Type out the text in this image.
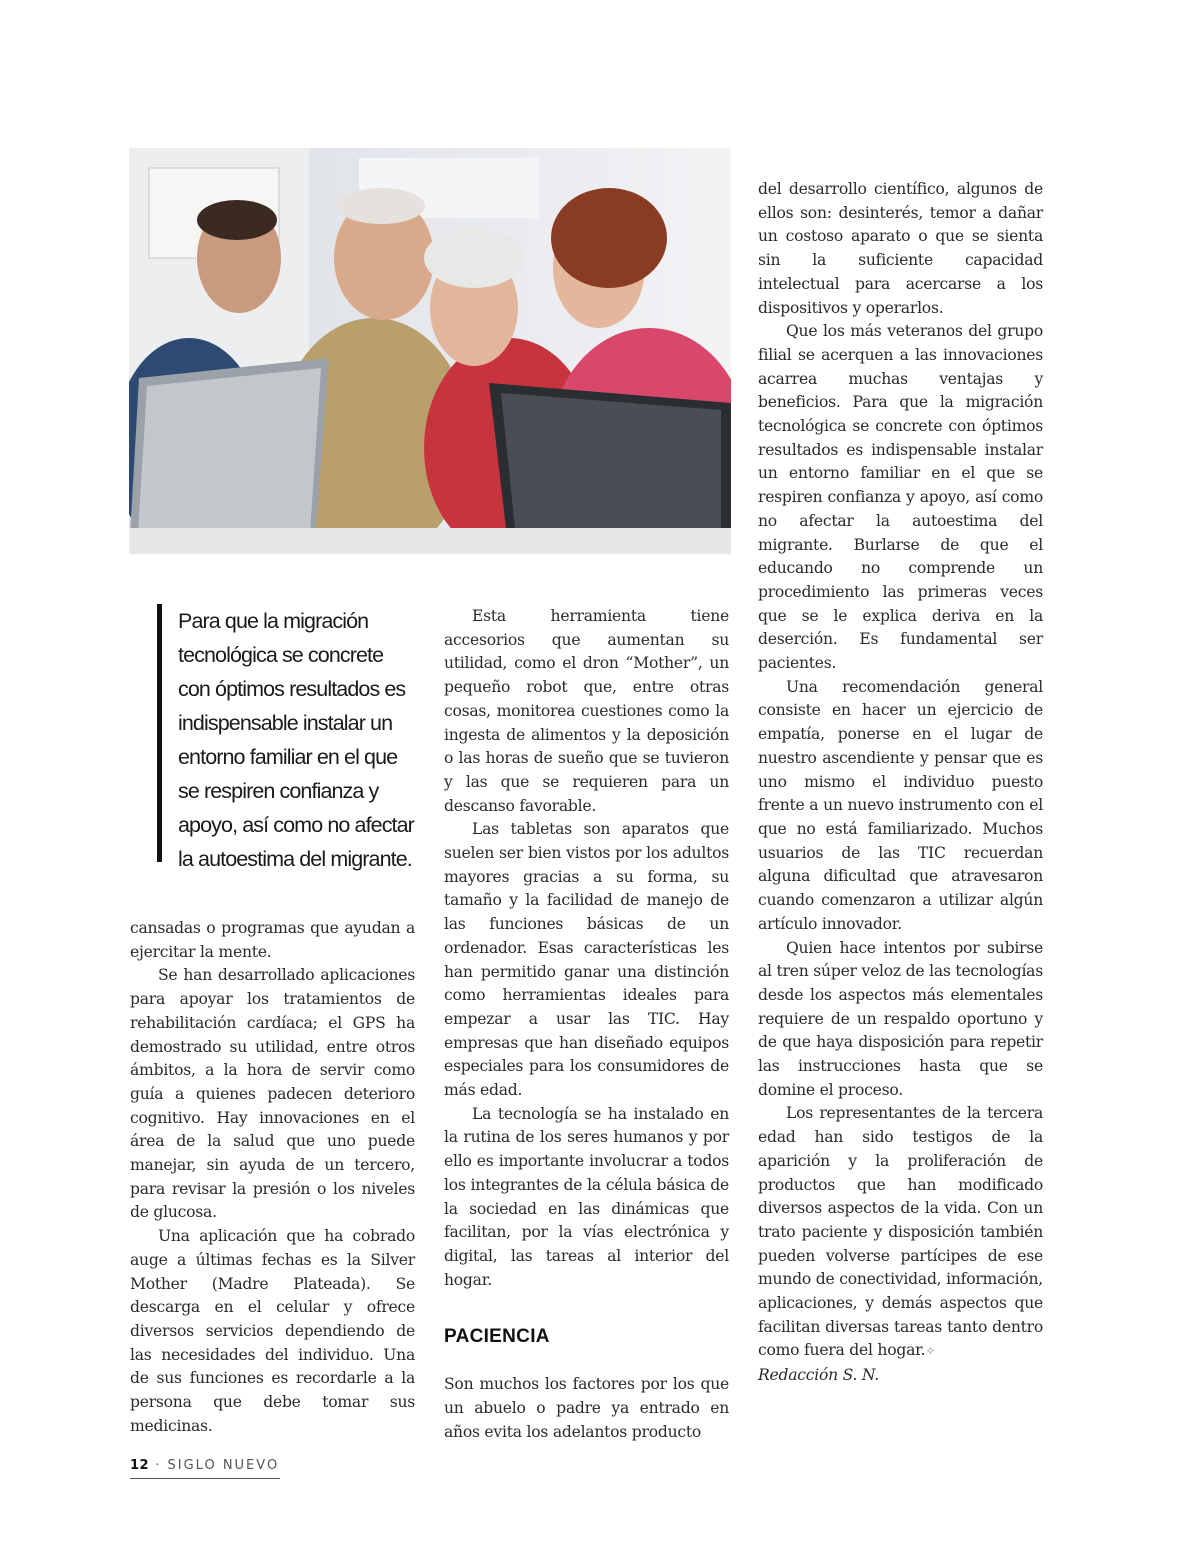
Para que la migración tecnológica se concrete con óptimos resultados es indispensable instalar un entorno familiar en el que se respiren confianza y apoyo, así como no afectar la autoestima del migrante.

cansadas o programas que ayudan a ejercitar la mente.

Se han desarrollado aplicaciones para apoyar los tratamientos de rehabilitación cardíaca; el GPS ha demostrado su utilidad, entre otros ámbitos, a la hora de servir como guía a quienes padecen deterioro cognitivo. Hay innovaciones en el área de la salud que uno puede manejar, sin ayuda de un tercero, para revisar la presión o los niveles de glucosa.

Una aplicación que ha cobrado auge a últimas fechas es la Silver Mother (Madre Plateada). Se descarga en el celular y ofrece diversos servicios dependiendo de las necesidades del individuo. Una de sus funciones es recordarle a la persona que debe tomar sus medicinas.

Esta herramienta tiene accesorios que aumentan su utilidad, como el dron “Mother”, un pequeño robot que, entre otras cosas, monitorea cuestiones como la ingesta de alimentos y la deposición o las horas de sueño que se tuvieron y las que se requieren para un descanso favorable.

Las tabletas son aparatos que suelen ser bien vistos por los adultos mayores gracias a su forma, su tamaño y la facilidad de manejo de las funciones básicas de un ordenador. Esas características les han permitido ganar una distinción como herramientas ideales para empezar a usar las TIC. Hay empresas que han diseñado equipos especiales para los consumidores de más edad.

La tecnología se ha instalado en la rutina de los seres humanos y por ello es importante involucrar a todos los integrantes de la célula básica de la sociedad en las dinámicas que facilitan, por la vías electrónica y digital, las tareas al interior del hogar.

PACIENCIA

Son muchos los factores por los que un abuelo o padre ya entrado en años evita los adelantos producto

del desarrollo científico, algunos de ellos son: desinterés, temor a dañar un costoso aparato o que se sienta sin la suficiente capacidad intelectual para acercarse a los dispositivos y operarlos.

Que los más veteranos del grupo filial se acerquen a las innovaciones acarrea muchas ventajas y beneficios. Para que la migración tecnológica se concrete con óptimos resultados es indispensable instalar un entorno familiar en el que se respiren confianza y apoyo, así como no afectar la autoestima del migrante. Burlarse de que el educando no comprende un procedimiento las primeras veces que se le explica deriva en la deserción. Es fundamental ser pacientes.

Una recomendación general consiste en hacer un ejercicio de empatía, ponerse en el lugar de nuestro ascendiente y pensar que es uno mismo el individuo puesto frente a un nuevo instrumento con el que no está familiarizado. Muchos usuarios de las TIC recuerdan alguna dificultad que atravesaron cuando comenzaron a utilizar algún artículo innovador.

Quien hace intentos por subirse al tren súper veloz de las tecnologías desde los aspectos más elementales requiere de un respaldo oportuno y de que haya disposición para repetir las instrucciones hasta que se domine el proceso.

Los representantes de la tercera edad han sido testigos de la aparición y la proliferación de productos que han modificado diversos aspectos de la vida. Con un trato paciente y disposición también pueden volverse partícipes de ese mundo de conectividad, información, aplicaciones, y demás aspectos que facilitan diversas tareas tanto dentro como fuera del hogar.✧

Redacción S. N.

12 · SIGLO NUEVO
